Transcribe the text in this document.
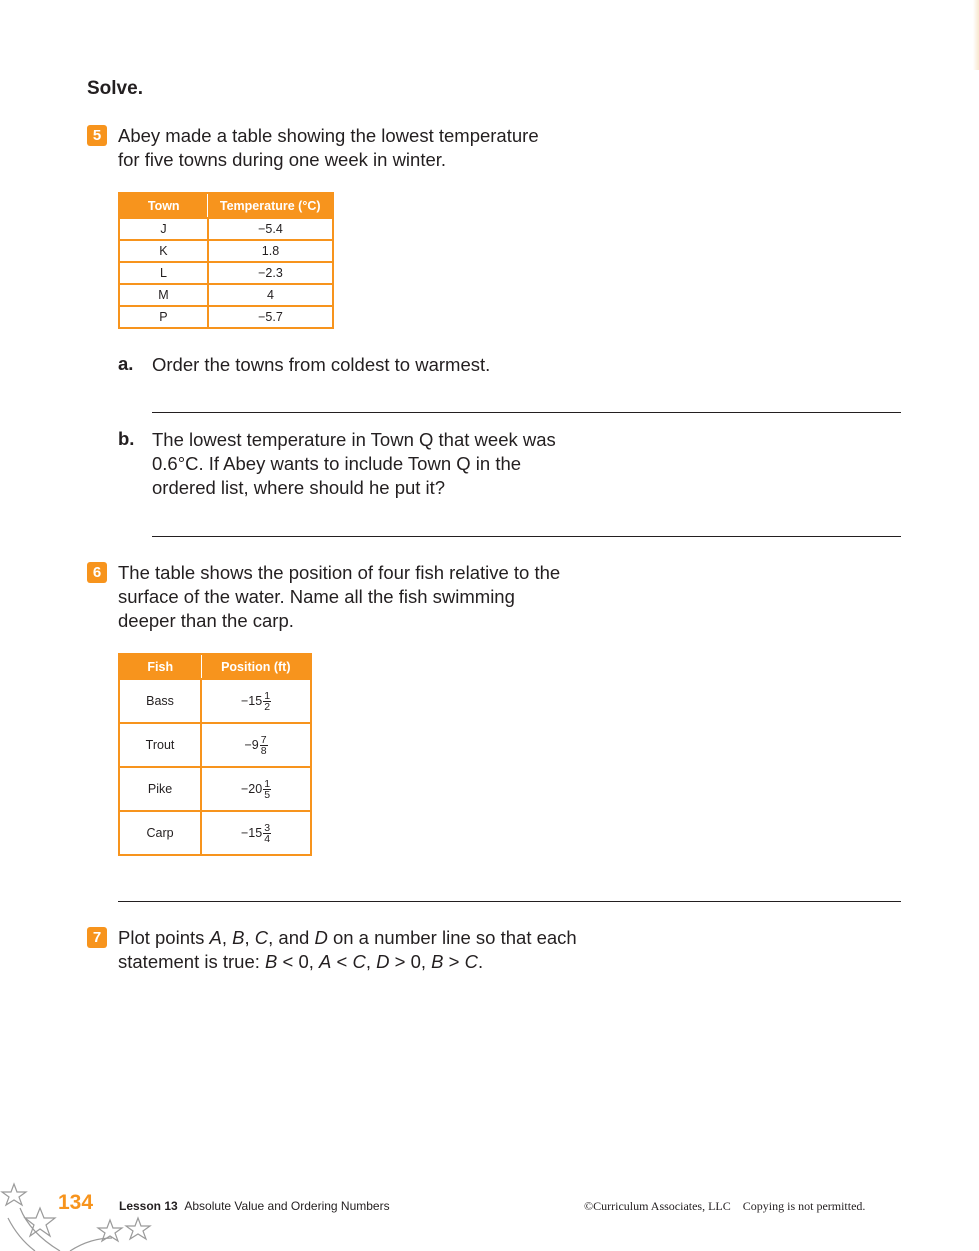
Solve.
5 Abey made a table showing the lowest temperature
for five towns during one week in winter.
Town	Temperature (°C)
J	−5.4
K	1.8
L	−2.3
M	4
P	−5.7
a. Order the towns from coldest to warmest.
b. The lowest temperature in Town Q that week was
0.6°C. If Abey wants to include Town Q in the
ordered list, where should he put it?
6 The table shows the position of four fish relative to the
surface of the water. Name all the fish swimming
deeper than the carp.
Fish	Position (ft)
Bass	$-15 \frac{1}{2}$

Trout	$-9 \frac{7}{8}$

Pike	$-20 \frac{1}{5}$

Carp	$-15 \frac{3}{4}$
7 Plot points A, B, C, and D on a number line so that each
statement is true: B < 0, A < C, D > 0, B > C.
134 Lesson 13 Absolute Value and Ordering Numbers	©Curriculum Associates, LLC Copying is not permitted.
